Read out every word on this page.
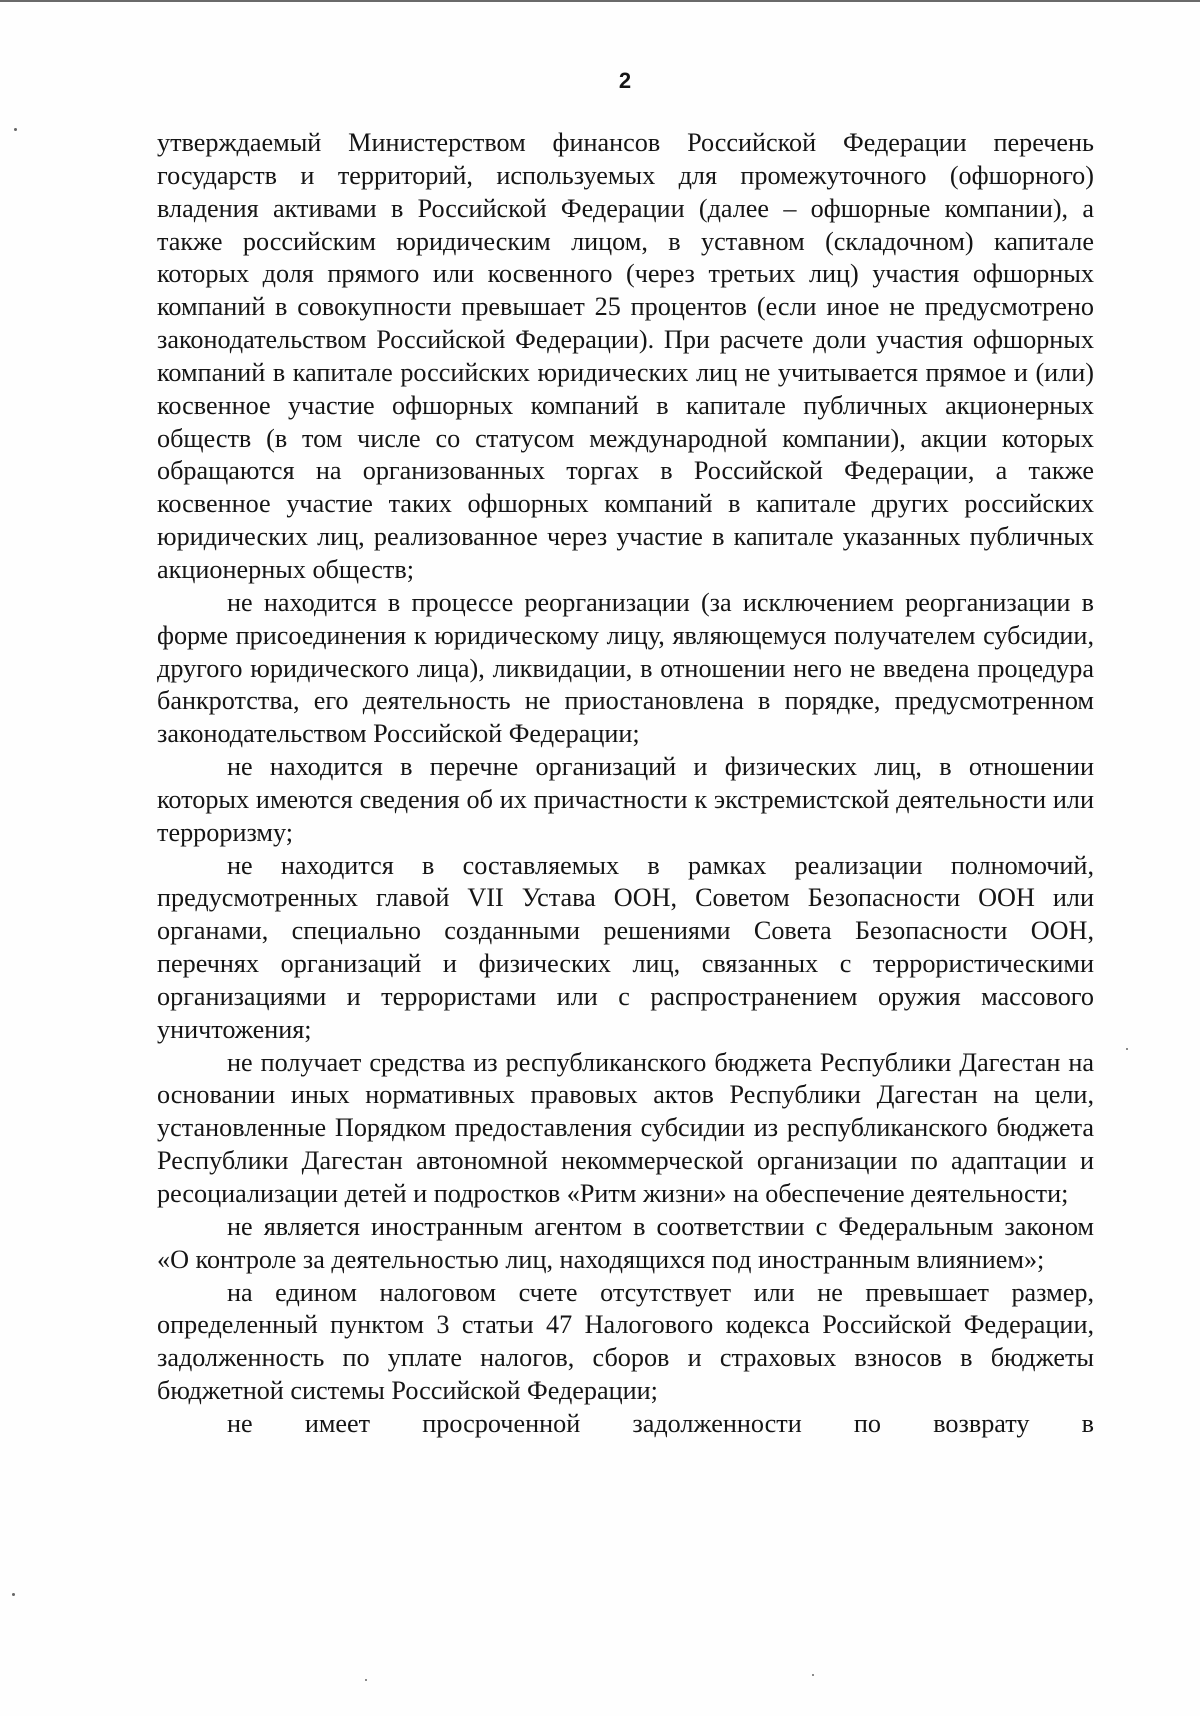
2

утверждаемый Министерством финансов Российской Федерации перечень государств и территорий, используемых для промежуточного (офшорного) владения активами в Российской Федерации (далее – офшорные компании), а также российским юридическим лицом, в уставном (складочном) капитале которых доля прямого или косвенного (через третьих лиц) участия офшорных компаний в совокупности превышает 25 процентов (если иное не предусмотрено законодательством Российской Федерации). При расчете доли участия офшорных компаний в капитале российских юридических лиц не учитывается прямое и (или) косвенное участие офшорных компаний в капитале публичных акционерных обществ (в том числе со статусом международной компании), акции которых обращаются на организованных торгах в Российской Федерации, а также косвенное участие таких офшорных компаний в капитале других российских юридических лиц, реализованное через участие в капитале указанных публичных акционерных обществ;

не находится в процессе реорганизации (за исключением реорганизации в форме присоединения к юридическому лицу, являющемуся получателем субсидии, другого юридического лица), ликвидации, в отношении него не введена процедура банкротства, его деятельность не приостановлена в порядке, предусмотренном законодательством Российской Федерации;

не находится в перечне организаций и физических лиц, в отношении которых имеются сведения об их причастности к экстремистской деятельности или терроризму;

не находится в составляемых в рамках реализации полномочий, предусмотренных главой VII Устава ООН, Советом Безопасности ООН или органами, специально созданными решениями Совета Безопасности ООН, перечнях организаций и физических лиц, связанных с террористическими организациями и террористами или с распространением оружия массового уничтожения;

не получает средства из республиканского бюджета Республики Дагестан на основании иных нормативных правовых актов Республики Дагестан на цели, установленные Порядком предоставления субсидии из республиканского бюджета Республики Дагестан автономной некоммерческой организации по адаптации и ресоциализации детей и подростков «Ритм жизни» на обеспечение деятельности;

не является иностранным агентом в соответствии с Федеральным законом «О контроле за деятельностью лиц, находящихся под иностранным влиянием»;

на едином налоговом счете отсутствует или не превышает размер, определенный пунктом 3 статьи 47 Налогового кодекса Российской Федерации, задолженность по уплате налогов, сборов и страховых взносов в бюджеты бюджетной системы Российской Федерации;

не имеет просроченной задолженности по возврату в
